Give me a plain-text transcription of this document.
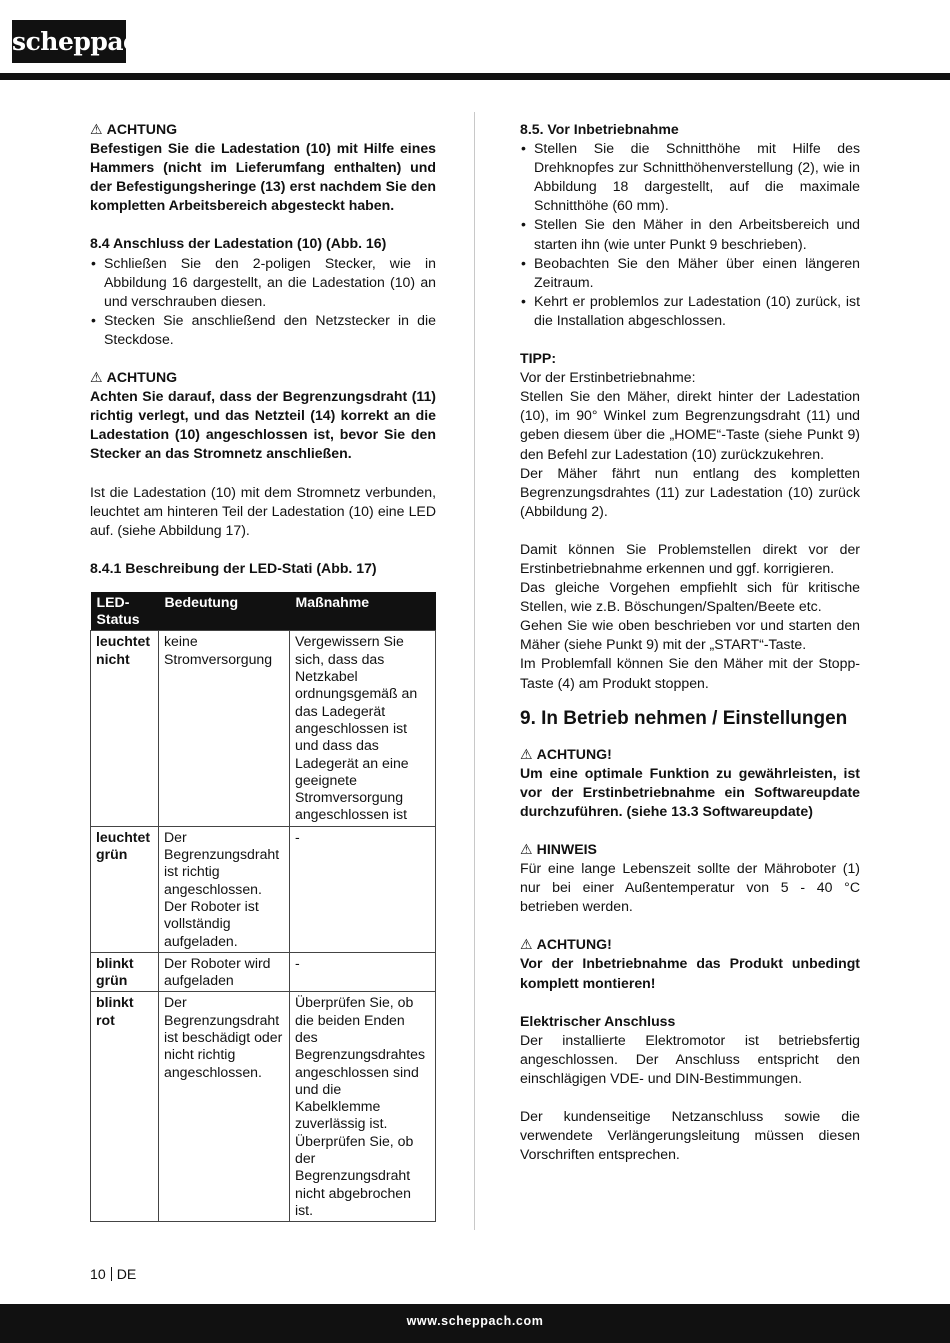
scheppach

⚠ ACHTUNG

Befestigen Sie die Ladestation (10) mit Hilfe eines Hammers (nicht im Lieferumfang enthalten) und der Befestigungsheringe (13) erst nachdem Sie den kompletten Arbeitsbereich abgesteckt haben.

8.4 Anschluss der Ladestation (10) (Abb. 16)

• Schließen Sie den 2-poligen Stecker, wie in Abbildung 16 dargestellt, an die Ladestation (10) an und verschrauben diesen.
• Stecken Sie anschließend den Netzstecker in die Steckdose.

⚠ ACHTUNG

Achten Sie darauf, dass der Begrenzungsdraht (11) richtig verlegt, und das Netzteil (14) korrekt an die Ladestation (10) angeschlossen ist, bevor Sie den Stecker an das Stromnetz anschließen.

Ist die Ladestation (10) mit dem Stromnetz verbunden, leuchtet am hinteren Teil der Ladestation (10) eine LED auf. (siehe Abbildung 17).

8.4.1 Beschreibung der LED-Stati (Abb. 17)

LED-Status	Bedeutung	Maßnahme
leuchtet nicht	keine Stromversorgung	Vergewissern Sie sich, dass das Netzkabel ordnungsgemäß an das Ladegerät angeschlossen ist und dass das Ladegerät an eine geeignete Stromversorgung angeschlossen ist
leuchtet grün	Der Begrenzungsdraht ist richtig angeschlossen. Der Roboter ist vollständig aufgeladen.	-
blinkt grün	Der Roboter wird aufgeladen	-
blinkt rot	Der Begrenzungsdraht ist beschädigt oder nicht richtig angeschlossen.	Überprüfen Sie, ob die beiden Enden des Begrenzungsdrahtes angeschlossen sind und die Kabelklemme zuverlässig ist. Überprüfen Sie, ob der Begrenzungsdraht nicht abgebrochen ist.

8.5. Vor Inbetriebnahme

• Stellen Sie die Schnitthöhe mit Hilfe des Drehknopfes zur Schnitthöhenverstellung (2), wie in Abbildung 18 dargestellt, auf die maximale Schnitthöhe (60 mm).
• Stellen Sie den Mäher in den Arbeitsbereich und starten ihn (wie unter Punkt 9 beschrieben).
• Beobachten Sie den Mäher über einen längeren Zeitraum.
• Kehrt er problemlos zur Ladestation (10) zurück, ist die Installation abgeschlossen.

TIPP:

Vor der Erstinbetriebnahme:

Stellen Sie den Mäher, direkt hinter der Ladestation (10), im 90° Winkel zum Begrenzungsdraht (11) und geben diesem über die „HOME“-Taste (siehe Punkt 9) den Befehl zur Ladestation (10) zurückzukehren.

Der Mäher fährt nun entlang des kompletten Begrenzungsdrahtes (11) zur Ladestation (10) zurück (Abbildung 2).

Damit können Sie Problemstellen direkt vor der Erstinbetriebnahme erkennen und ggf. korrigieren.

Das gleiche Vorgehen empfiehlt sich für kritische Stellen, wie z.B. Böschungen/Spalten/Beete etc.

Gehen Sie wie oben beschrieben vor und starten den Mäher (siehe Punkt 9) mit der „START“-Taste.

Im Problemfall können Sie den Mäher mit der Stopp-Taste (4) am Produkt stoppen.

9. In Betrieb nehmen / Einstellungen

⚠ ACHTUNG!

Um eine optimale Funktion zu gewährleisten, ist vor der Erstinbetriebnahme ein Softwareupdate durchzuführen. (siehe 13.3 Softwareupdate)

⚠ HINWEIS

Für eine lange Lebenszeit sollte der Mähroboter (1) nur bei einer Außentemperatur von 5 - 40 °C betrieben werden.

⚠ ACHTUNG!

Vor der Inbetriebnahme das Produkt unbedingt komplett montieren!

Elektrischer Anschluss

Der installierte Elektromotor ist betriebsfertig angeschlossen. Der Anschluss entspricht den einschlägigen VDE- und DIN-Bestimmungen.

Der kundenseitige Netzanschluss sowie die verwendete Verlängerungsleitung müssen diesen Vorschriften entsprechen.

10 DE
www.scheppach.com
